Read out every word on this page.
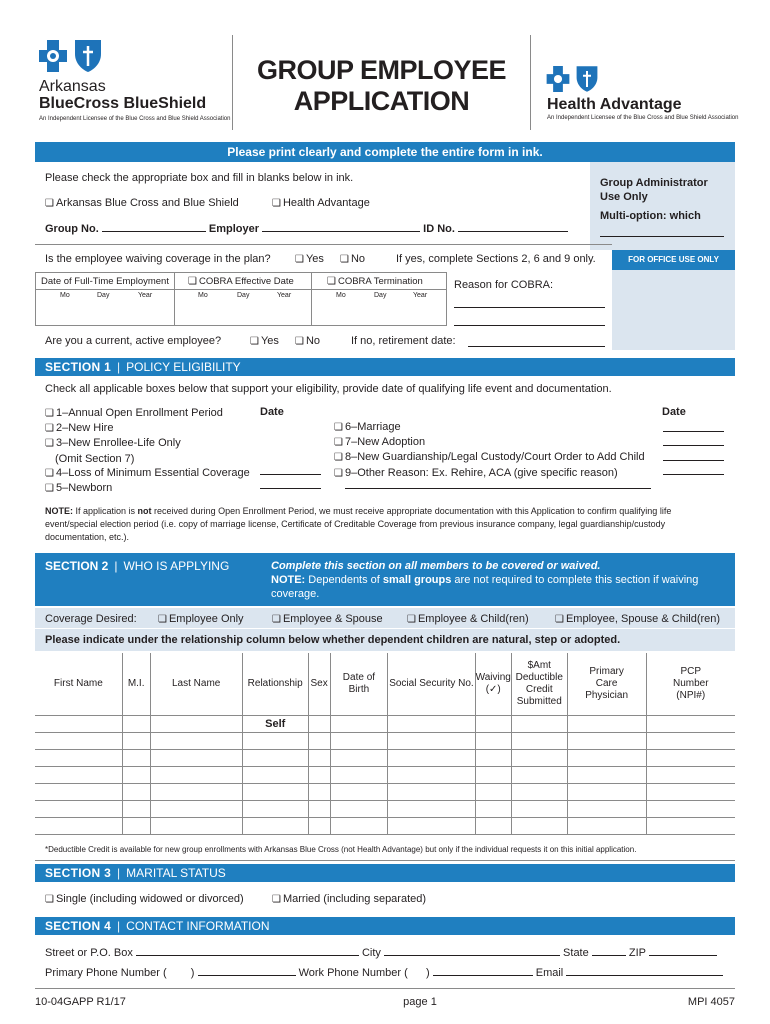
Arkansas
BlueCross BlueShield
An Independent Licensee of the Blue Cross and Blue Shield Association
GROUP EMPLOYEE
APPLICATION	Health Advantage
An Independent Licensee of the Blue Cross and Blue Shield Association
Please print clearly and complete the entire form in ink.
Group Administrator Use Only
Multi-option: which
FOR OFFICE USE ONLY
Please check the appropriate box and fill in blanks below in ink.
❏ Arkansas Blue Cross and Blue Shield	❏ Health Advantage
Group No.	Employer	ID No.
Is the employee waiving coverage in the plan? ❏ Yes ❏ No	If yes, complete Sections 2, 6 and 9 only.
Date of Full-Time Employment	❏ COBRA Effective Date	❏ COBRA Termination
Mo	Day	Year	Mo	Day	Year	Mo	Day	Year
Reason for COBRA:
Are you a current, active employee?	❏ Yes ❏ No	If no, retirement date:
SECTION 1 | POLICY ELIGIBILITY
Check all applicable boxes below that support your eligibility, provide date of qualifying life event and documentation.
Date	Date
❏ 1–Annual Open Enrollment Period
❏ 2–New Hire
❏ 3–New Enrollee-Life Only
(Omit Section 7)
❏ 4–Loss of Minimum Essential Coverage
❏ 5–Newborn
❏ 6–Marriage
❏ 7–New Adoption
❏ 8–New Guardianship/Legal Custody/Court Order to Add Child
❏ 9–Other Reason: Ex. Rehire, ACA (give specific reason)
NOTE: If application is not received during Open Enrollment Period, we must receive appropriate documentation with this Application to confirm qualifying life event/special election period (i.e. copy of marriage license, Certificate of Creditable Coverage from previous insurance company, legal guardianship/custody documentation, etc.).
SECTION 2 | WHO IS APPLYING	Complete this section on all members to be covered or waived.
NOTE: Dependents of small groups are not required to complete this section if waiving coverage.
Coverage Desired: ❏ Employee Only	❏ Employee & Spouse ❏ Employee & Child(ren)	❏ Employee, Spouse & Child(ren)
Please indicate under the relationship column below whether dependent children are natural, step or adopted.
First Name	M.I.	Last Name	Relationship	Sex	Date of Birth	Social Security No.	Waiving (✓)	$Amt Deductible Credit Submitted	Primary Care Physician	PCP Number (NPI#)
			Self							

*Deductible Credit is available for new group enrollments with Arkansas Blue Cross (not Health Advantage) but only if the individual requests it on this initial application.
SECTION 3 | MARITAL STATUS
❏ Single (including widowed or divorced)	❏ Married (including separated)
SECTION 4 | CONTACT INFORMATION
Street or P.O. Box	City	State	ZIP
Primary Phone Number ( )	Work Phone Number ( )	Email
10-04GAPP R1/17	page 1	MPI 4057
